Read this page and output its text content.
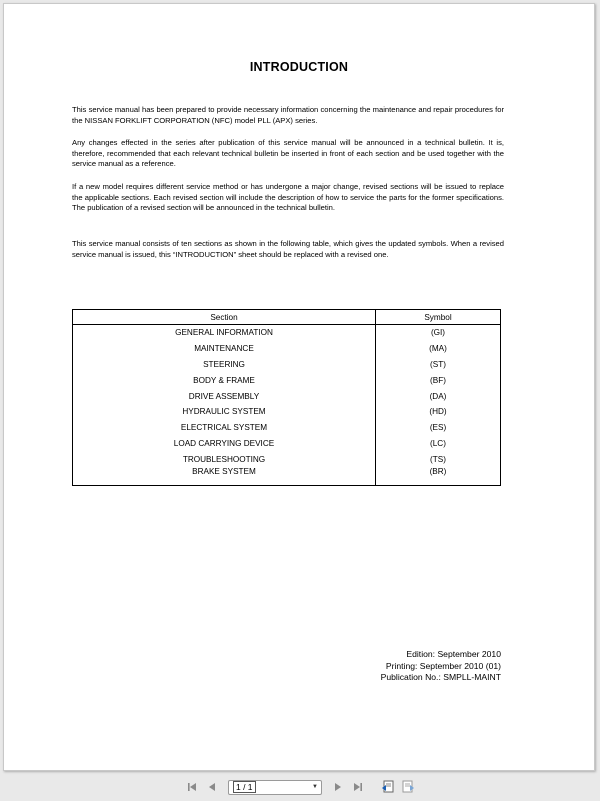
INTRODUCTION

This service manual has been prepared to provide necessary information concerning the maintenance and repair procedures for the NISSAN FORKLIFT CORPORATION (NFC) model PLL (APX) series.

Any changes effected in the series after publication of this service manual will be announced in a technical bulletin. It is, therefore, recommended that each relevant technical bulletin be inserted in front of each section and be used together with the service manual as a reference.

If a new model requires different service method or has undergone a major change, revised sections will be issued to replace the applicable sections. Each revised section will include the description of how to service the parts for the former specifications. The publication of a revised section will be announced in the technical bulletin.

This service manual consists of ten sections as shown in the following table, which gives the updated symbols. When a revised service manual is issued, this “INTRODUCTION” sheet should be replaced with a revised one.

Section	Symbol
GENERAL INFORMATION	(GI)
MAINTENANCE	(MA)
STEERING	(ST)
BODY & FRAME	(BF)
DRIVE ASSEMBLY	(DA)
HYDRAULIC SYSTEM	(HD)
ELECTRICAL SYSTEM	(ES)
LOAD CARRYING DEVICE	(LC)
TROUBLESHOOTING	(TS)
BRAKE SYSTEM	(BR)
Edition: September 2010
Printing: September 2010 (01)
Publication No.: SMPLL-MAINT
1 / 1	▼
